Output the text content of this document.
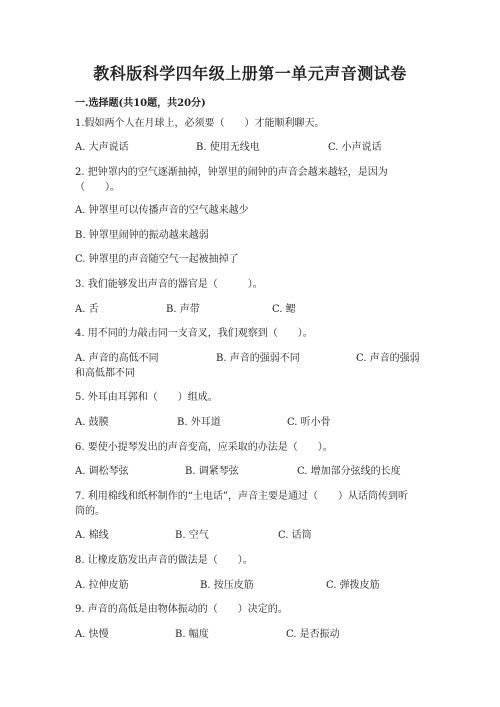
教科版科学四年级上册第一单元声音测试卷
一.选择题(共10题，共20分)
1.假如两个人在月球上，必须要（　　）才能顺利聊天。
A. 大声说话	B. 使用无线电	C. 小声说话
2. 把钟罩内的空气逐渐抽掉，钟罩里的闹钟的声音会越来越轻，是因为
（　　）。
A. 钟罩里可以传播声音的空气越来越少
B. 钟罩里闹钟的振动越来越弱
C. 钟罩里的声音随空气一起被抽掉了
3. 我们能够发出声音的器官是（　　　）。
A. 舌	B. 声带	C. 鳃
4. 用不同的力敲击同一支音叉，我们观察到（　　）。
A. 声音的高低不同	B. 声音的强弱不同	C. 声音的强弱
和高低都不同
5. 外耳由耳郭和（　　）组成。
A. 鼓膜	B. 外耳道	C. 听小骨
6. 要使小提琴发出的声音变高，应采取的办法是（　　）。
A. 调松琴弦	B. 调紧琴弦	C. 增加部分弦线的长度
7. 利用棉线和纸杯制作的“土电话”，声音主要是通过（　　）从话筒传到听
筒的。
A. 棉线	B. 空气	C. 话筒
8. 让橡皮筋发出声音的做法是（　　）。
A. 拉伸皮筋	B. 按压皮筋	C. 弹拨皮筋
9. 声音的高低是由物体振动的（　　）决定的。
A. 快慢	B. 幅度	C. 是否振动
